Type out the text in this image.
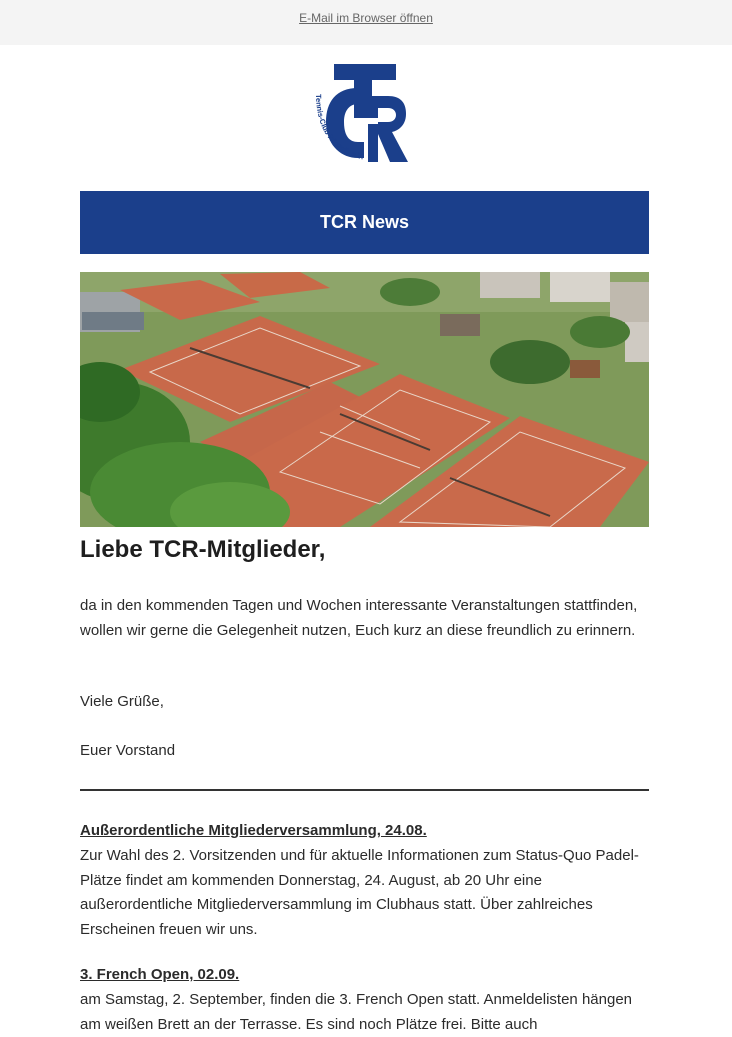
E-Mail im Browser öffnen
Tennis-Club Rösrath e.V.
TCR News
Liebe TCR-Mitglieder,

da in den kommenden Tagen und Wochen interessante Veranstaltungen stattfinden, wollen wir gerne die Gelegenheit nutzen, Euch kurz an diese freundlich zu erinnern.

Viele Grüße,

Euer Vorstand

Außerordentliche Mitgliederversammlung, 24.08.

Zur Wahl des 2. Vorsitzenden und für aktuelle Informationen zum Status-Quo Padel-Plätze findet am kommenden Donnerstag, 24. August, ab 20 Uhr eine außerordentliche Mitgliederversammlung im Clubhaus statt. Über zahlreiches Erscheinen freuen wir uns.

3. French Open, 02.09.

am Samstag, 2. September, finden die 3. French Open statt. Anmeldelisten hängen am weißen Brett an der Terrasse. Es sind noch Plätze frei. Bitte auch
